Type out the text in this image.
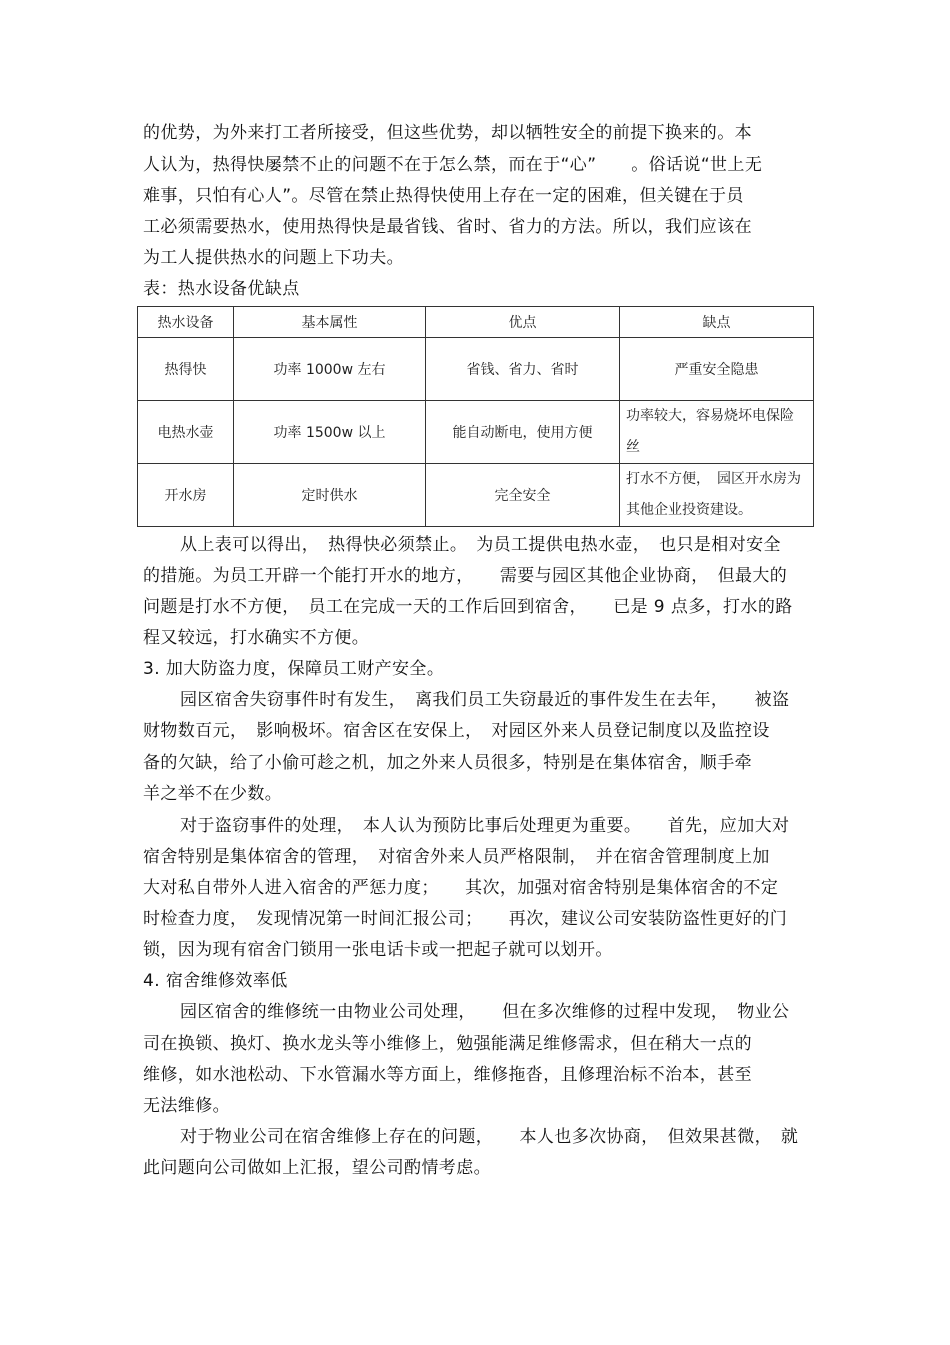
的优势，为外来打工者所接受，但这些优势，却以牺牲安全的前提下换来的。本
人认为，热得快屡禁不止的问题不在于怎么禁，而在于“心”　　。俗话说“世上无
难事，只怕有心人”。尽管在禁止热得快使用上存在一定的困难，但关键在于员
工必须需要热水，使用热得快是最省钱、省时、省力的方法。所以，我们应该在
为工人提供热水的问题上下功夫。
表：热水设备优缺点
热水设备	基本属性	优点	缺点
热得快	功率 1000w 左右	省钱、省力、省时	严重安全隐患
电热水壶	功率 1500w 以上	能自动断电，使用方便	功率较大，容易烧坏电保险丝
开水房	定时供水	完全安全	打水不方便，　园区开水房为其他企业投资建设。
从上表可以得出，　热得快必须禁止。　为员工提供电热水壶，　也只是相对安全
的措施。为员工开辟一个能打开水的地方，　　需要与园区其他企业协商，　但最大的
问题是打水不方便，　员工在完成一天的工作后回到宿舍，　　已是 9 点多，打水的路
程又较远，打水确实不方便。
3. 加大防盗力度，保障员工财产安全。
园区宿舍失窃事件时有发生，　离我们员工失窃最近的事件发生在去年，　　被盗
财物数百元，　影响极坏。宿舍区在安保上，　对园区外来人员登记制度以及监控设
备的欠缺，给了小偷可趁之机，加之外来人员很多，特别是在集体宿舍，顺手牵
羊之举不在少数。
对于盗窃事件的处理，　本人认为预防比事后处理更为重要。　　首先，应加大对
宿舍特别是集体宿舍的管理，　对宿舍外来人员严格限制，　并在宿舍管理制度上加
大对私自带外人进入宿舍的严惩力度；　　其次，加强对宿舍特别是集体宿舍的不定
时检查力度，　发现情况第一时间汇报公司；　　再次，建议公司安装防盗性更好的门
锁，因为现有宿舍门锁用一张电话卡或一把起子就可以划开。
4. 宿舍维修效率低
园区宿舍的维修统一由物业公司处理，　　但在多次维修的过程中发现，　物业公
司在换锁、换灯、换水龙头等小维修上，勉强能满足维修需求，但在稍大一点的
维修，如水池松动、下水管漏水等方面上，维修拖沓，且修理治标不治本，甚至
无法维修。
对于物业公司在宿舍维修上存在的问题，　　本人也多次协商，　但效果甚微，　就
此问题向公司做如上汇报，望公司酌情考虑。
